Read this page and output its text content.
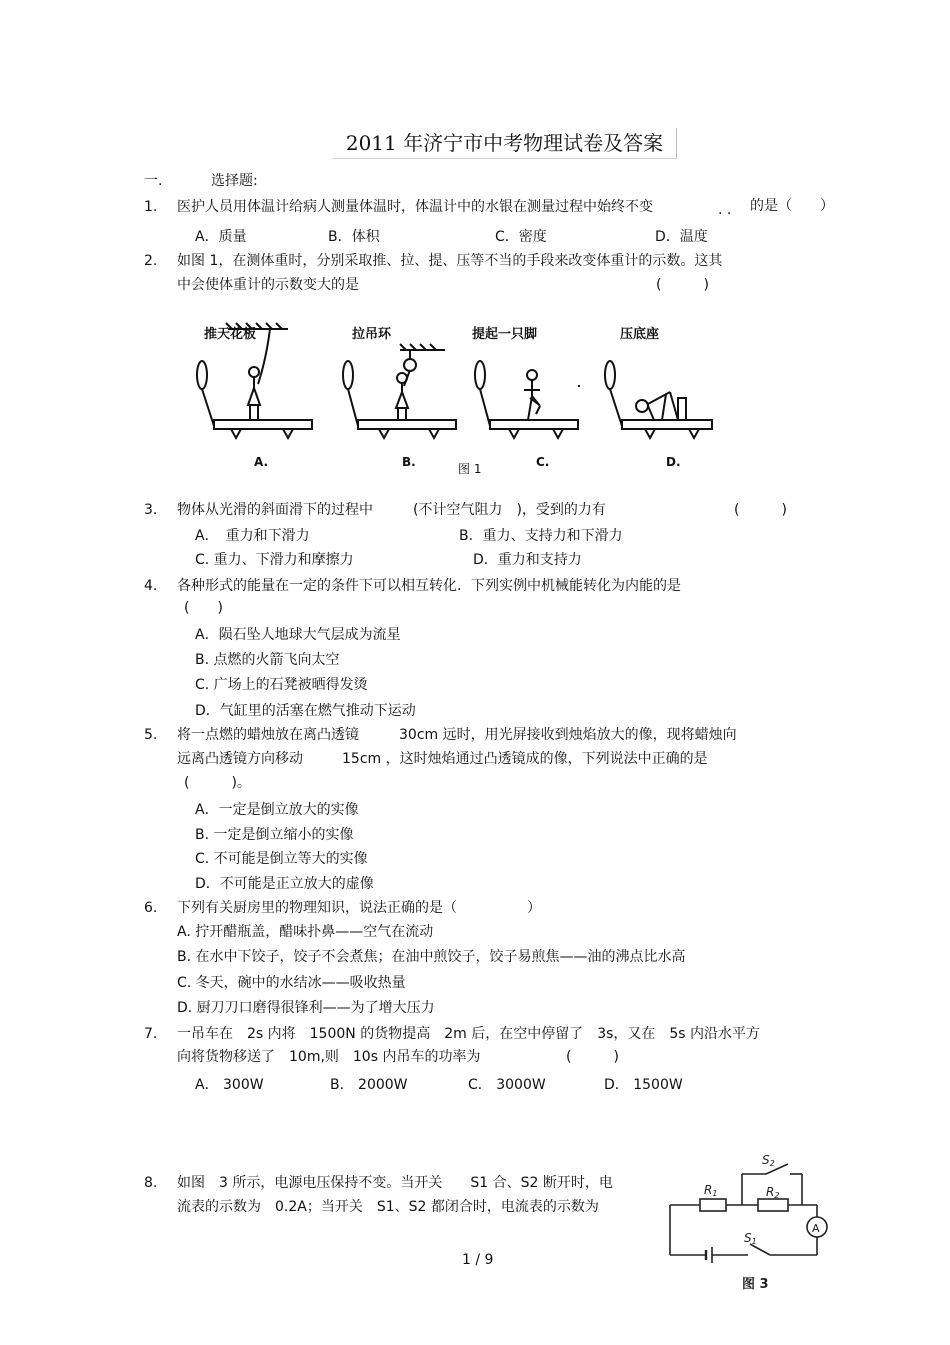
2011 年济宁市中考物理试卷及答案
一.	选择题:
1. 医护人员用体温计给病人测量体温时，体温计中的水银在测量过程中始终不变	. . 的是（　　）
A．质量	B．体积	C．密度	D．温度
2. 如图 1，在测体重时，分别采取推、拉、提、压等不当的手段来改变体重计的示数。这其
中会使体重计的示数变大的是	(　　　)
推天花板	拉吊环	提起一只脚	压底座
A.	B.	C.	D.
图 1
3. 物体从光滑的斜面滑下的过程中	(不计空气阻力　)，受到的力有	(　　　)
A．　重力和下滑力	B．重力、支持力和下滑力
C. 重力、下滑力和摩擦力	D．重力和支持力
4. 各种形式的能量在一定的条件下可以相互转化．下列实例中机械能转化为内能的是
(　　)
A．陨石坠人地球大气层成为流星
B. 点燃的火箭飞向太空
C. 广场上的石凳被晒得发烫
D．气缸里的活塞在燃气推动下运动
5. 将一点燃的蜡烛放在离凸透镜	30cm 远时，用光屏接收到烛焰放大的像，现将蜡烛向
远离凸透镜方向移动	15cm ，这时烛焰通过凸透镜成的像，下列说法中正确的是
(　　　)。
A．一定是倒立放大的实像
B. 一定是倒立缩小的实像
C. 不可能是倒立等大的实像
D．不可能是正立放大的虚像
6. 下列有关厨房里的物理知识，说法正确的是（　　　　　）
A. 拧开醋瓶盖，醋味扑鼻——空气在流动
B. 在水中下饺子，饺子不会煮焦；在油中煎饺子，饺子易煎焦——油的沸点比水高
C. 冬天，碗中的水结冰——吸收热量
D. 厨刀刀口磨得很锋利——为了增大压力
7. 一吊车在　2s 内将　1500N 的货物提高　2m 后，在空中停留了　3s，又在　5s 内沿水平方
向将货物移送了　10m,则　10s 内吊车的功率为	(　　　)
A． 300W	B． 2000W	C． 3000W	D． 1500W
8. 如图　3 所示，电源电压保持不变。当开关　　S1 合、S2 断开时，电
流表的示数为　0.2A；当开关　S1、S2 都闭合时，电流表的示数为
R1	R2
S2
S1
A
图 3
1 / 9
